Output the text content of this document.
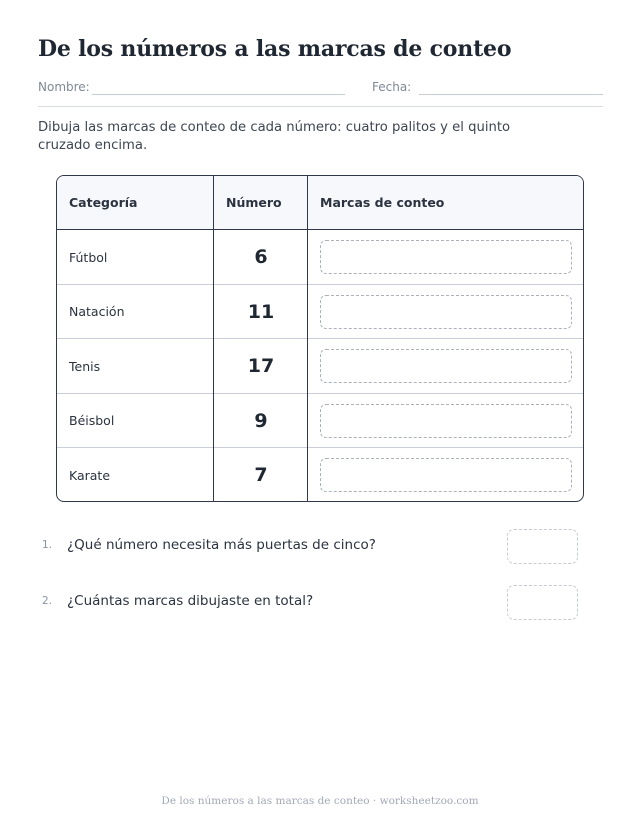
De los números a las marcas de conteo
Nombre:	Fecha:
Dibuja las marcas de conteo de cada número: cuatro palitos y el quinto cruzado encima.
Categoría	Número	Marcas de conteo
Fútbol	6
Natación	11
Tenis	17
Béisbol	9
Karate	7
1. ¿Qué número necesita más puertas de cinco?
2. ¿Cuántas marcas dibujaste en total?
De los números a las marcas de conteo · worksheetzoo.com
